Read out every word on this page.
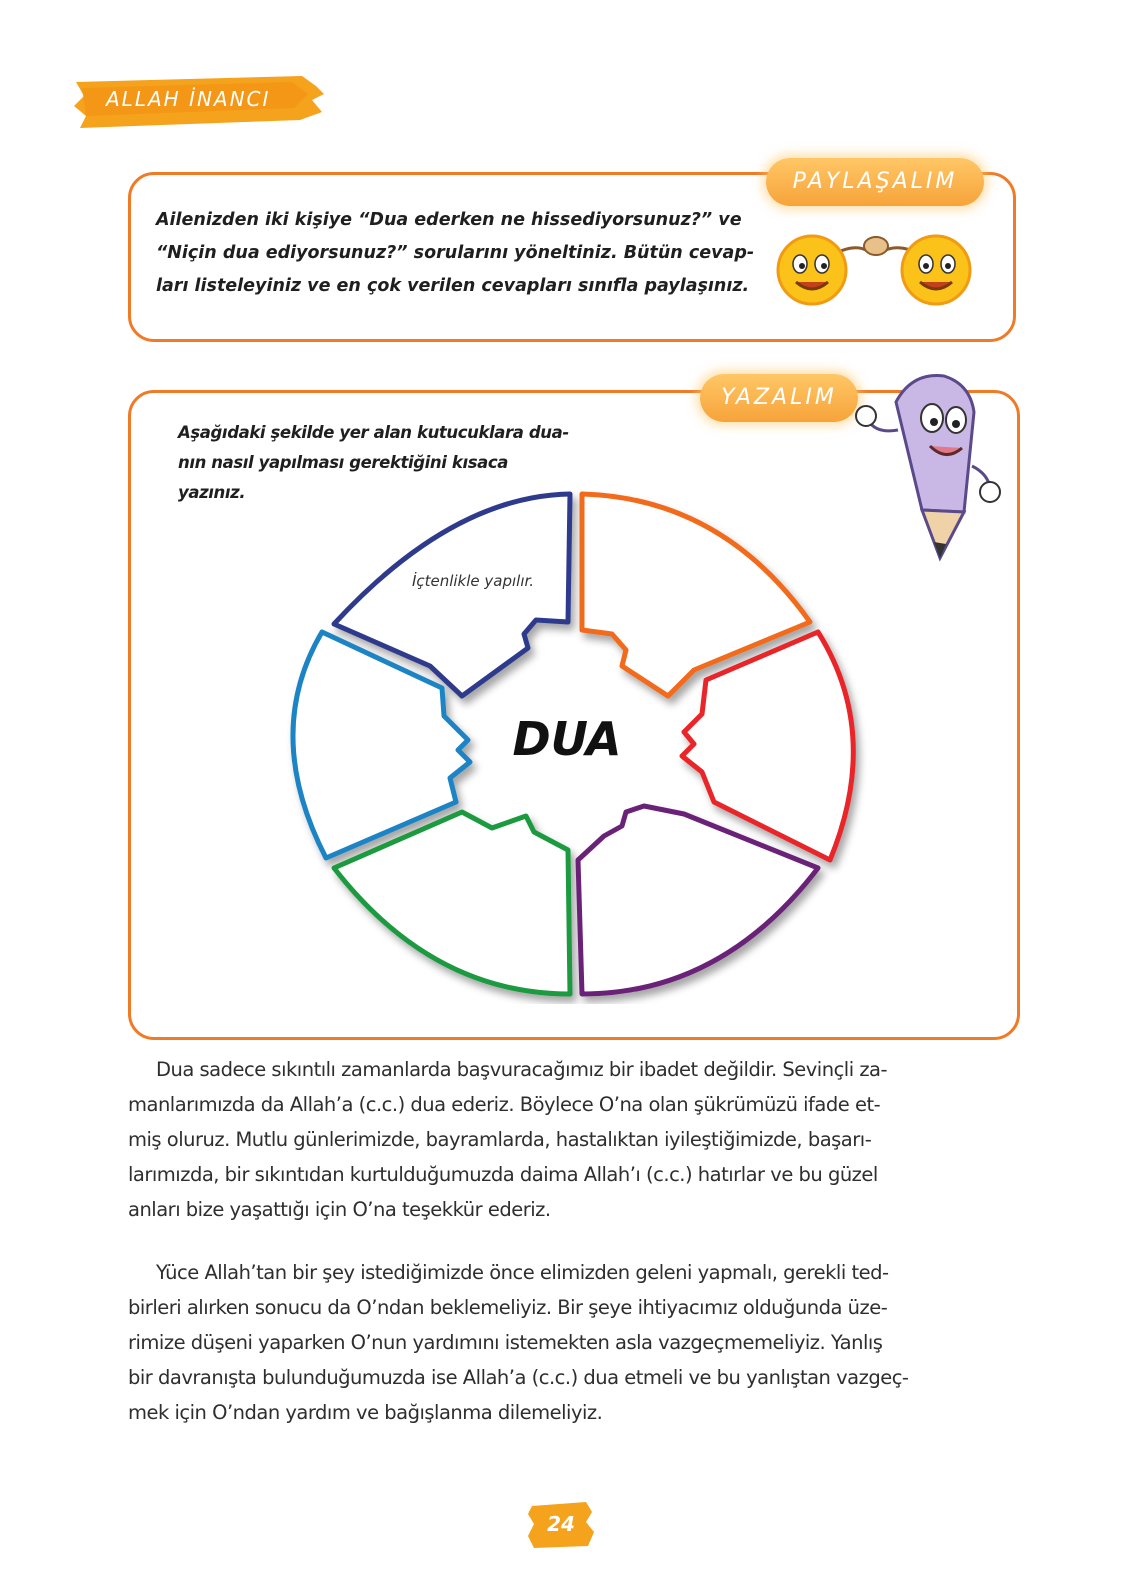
ALLAH İNANCI
PAYLAŞALIM
Ailenizden iki kişiye “Dua ederken ne hissediyorsunuz?” ve
“Niçin dua ediyorsunuz?” sorularını yöneltiniz. Bütün cevap-
ları listeleyiniz ve en çok verilen cevapları sınıfla paylaşınız.
YAZALIM
Aşağıdaki şekilde yer alan kutucuklara dua-
nın nasıl yapılması gerektiğini kısaca yazınız.
İçtenlikle yapılır.
DUA
Dua sadece sıkıntılı zamanlarda başvuracağımız bir ibadet değildir. Sevinçli za-
manlarımızda da Allah’a (c.c.) dua ederiz. Böylece O’na olan şükrümüzü ifade et-
miş oluruz. Mutlu günlerimizde, bayramlarda, hastalıktan iyileştiğimizde, başarı-
larımızda, bir sıkıntıdan kurtulduğumuzda daima Allah’ı (c.c.) hatırlar ve bu güzel
anları bize yaşattığı için O’na teşekkür ederiz.
Yüce Allah’tan bir şey istediğimizde önce elimizden geleni yapmalı, gerekli ted-
birleri alırken sonucu da O’ndan beklemeliyiz. Bir şeye ihtiyacımız olduğunda üze-
rimize düşeni yaparken O’nun yardımını istemekten asla vazgeçmemeliyiz. Yanlış
bir davranışta bulunduğumuzda ise Allah’a (c.c.) dua etmeli ve bu yanlıştan vazgeç-
mek için O’ndan yardım ve bağışlanma dilemeliyiz.
24
